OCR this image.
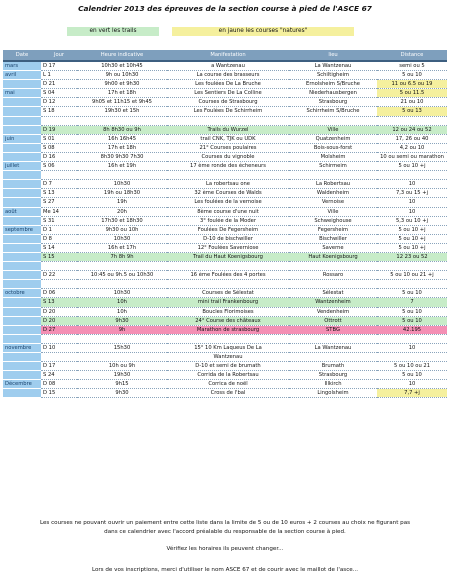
Calendrier 2013 des épreuves de la section course à pied de l'ASCE 67
en vert les trails	en jaune les courses "natures"
Date	Jour	Heure indicative	Manifestation	lieu	Distance
mars	D 17	10h30 et 10h45	a Wantzenau	La Wantzenau	semi ou 5
avril	L 1	9h ou 10h30	La course des brasseurs	Schiltigheim	5 ou 10
	D 21	9h00 et 9h30	Les foulées De La Bruche	Ernolsheim S/Bruche	11 ou 6.5 ou 19
mai	S 04	17h et 18h	Les Sentiers De La Colline	Niederhausbergen	5 ou 11.5
	D 12	9h05 et 11h15 et 9h45	Courses de Strasbourg	Strasbourg	21 ou 10
	S 18	19h30 et 15h	Les Foulées De Schirrheim	Schirrheim S/Bruche	5 ou 13

	D 19	8h 8h30 ou 9h	Trails du Wurzel	Ville	12 ou 24 ou 52
juin	S 01	16h 16h45	trail CNK, TJK ou UDK	Quatzenheim	17, 26 ou 40
	S 08	17h et 18h	21° Courses poulaires	Bois-sous-forst	4,2 ou 10
	D 16	8h30 9h30 7h30	Courses du vignoble	Molsheim	10 ou semi ou marathon
juillet	S 06	16h et 19h	17 ème ronde des écheneurs	Schirmeim	5 ou 10 +j

	D 7	10h30	La robertsau one	La Robertsau	10
	S 13	19h ou 18h30	32 ème Courses de Walds	Waldenheim	7,3 ou 15 +j
	S 27	19h	Les foulées de la vernoise	Vernoise	10
août	Me 14	20h	8ème course d'une nuit	Ville	10
	S 31	17h30 et 18h30	3° foulée de la Moder	Schweighouse	5,3 ou 10 +j
septembre	D 1	9h30 ou 10h	Foulées De Fegersheim	Fegersheim	5 ou 10 +j
	D 8	10h30	D-10 de bischwiller	Bischwiller	5 ou 10 +j
	S 14	16h et 17h	12° Foulées Saverniose	Saverne	5 ou 10 +j
	S 15	7h 8h 9h	Trail du Haut Koenigsbourg	Haut Koenigsbourg	12 23 ou 52

	D 22	10:45 ou 9h.5 ou 10h30	16 ème Foulées des 4 portes	Rossaro	5 ou 10 ou 21 +j

octobre	D 06	10h30	Courses de Sélestat	Sélestat	5 ou 10
	S 13	10h	mini trail Frankenbourg	Wantzenheim	7
	D 20	10h	Boucles Florimoises	Vendenheim	5 ou 10
	D 20	9h30	24° Course des châteaux	Ottrott	5 ou 10
	D 27	9h	Marathon de strasbourg	STBG	42.195

novembre	D 10	15h30	15° 10 Km Laqueus De La	La Wantzenau	10
			Wantzenau		
	D 17	10h ou 9h	D-10 et semi de brumath	Brumath	5 ou 10 ou 21
	S 24	19h30	Corrida de la Robertsau	Strasbourg	5 ou 10
Décembre	D 08	9h15	Corrica de noël	Illkirch	10
	D 15	9h30	Cross de l'bal	Lingolsheim	7,7 +j
Les courses ne pouvant ouvrir un paiement entre cette liste dans la limite de 5 ou de 10 euros + 2 courses au choix ne figurant pas
dans ce calendrier avec l'accord préalable du responsable de la section course à pied.
Vérifiez les horaires ils peuvent changer...
Lors de vos inscriptions, merci d'utiliser le nom ASCE 67 et de courir avec le maillot de l'asce...
